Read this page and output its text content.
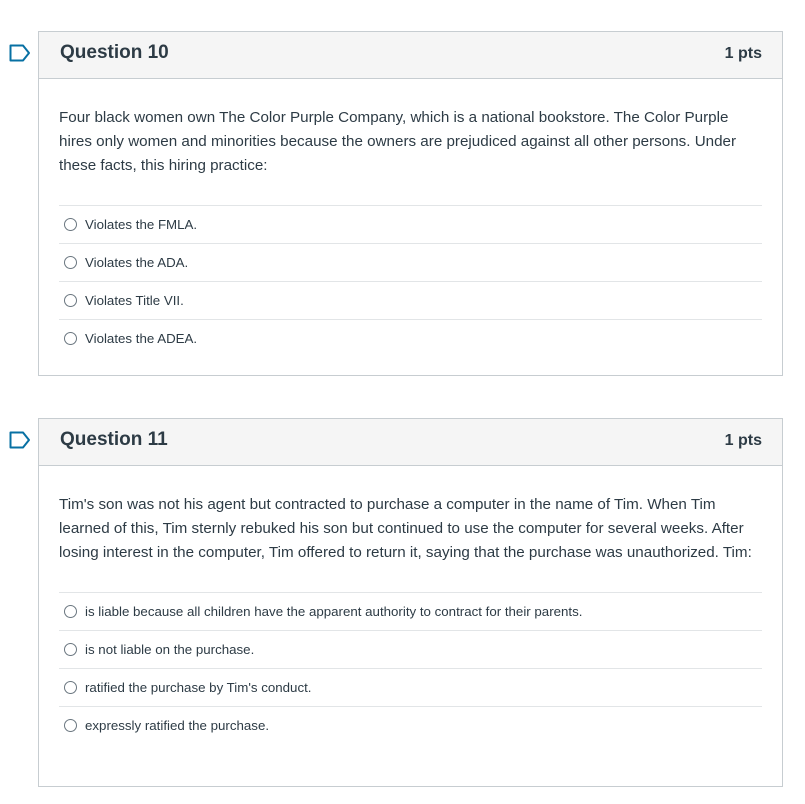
Question 10	1 pts
Four black women own The Color Purple Company, which is a national bookstore. The Color Purple hires only women and minorities because the owners are prejudiced against all other persons. Under these facts, this hiring practice:
Violates the FMLA.
Violates the ADA.
Violates Title VII.
Violates the ADEA.
Question 11	1 pts
Tim's son was not his agent but contracted to purchase a computer in the name of Tim. When Tim learned of this, Tim sternly rebuked his son but continued to use the computer for several weeks. After losing interest in the computer, Tim offered to return it, saying that the purchase was unauthorized. Tim:
is liable because all children have the apparent authority to contract for their parents.
is not liable on the purchase.
ratified the purchase by Tim's conduct.
expressly ratified the purchase.
